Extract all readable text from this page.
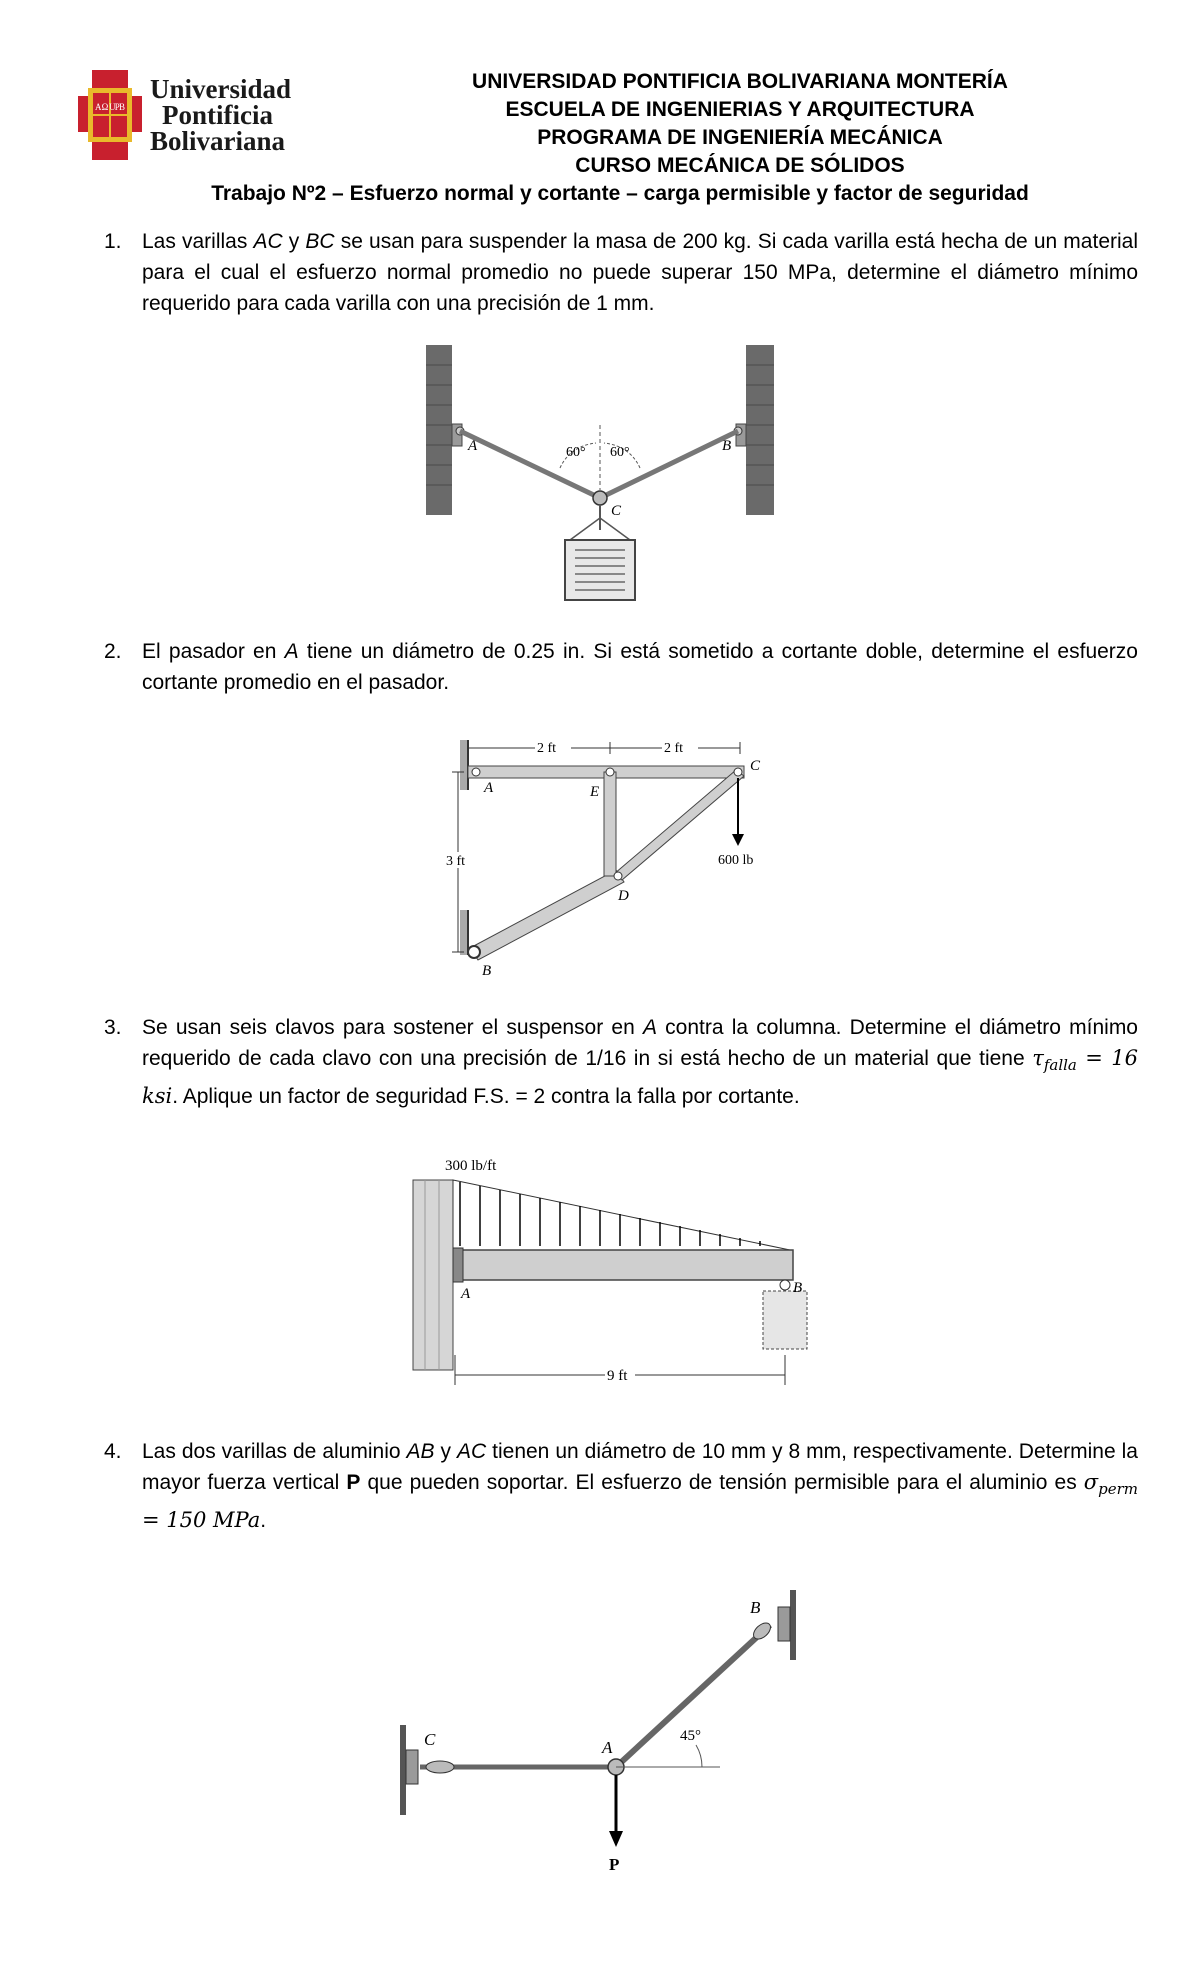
A Ω UPB
Universidad
Pontificia
Bolivariana
UNIVERSIDAD PONTIFICIA BOLIVARIANA MONTERÍA
ESCUELA DE INGENIERIAS Y ARQUITECTURA
PROGRAMA DE INGENIERÍA MECÁNICA
CURSO MECÁNICA DE SÓLIDOS
Trabajo Nº2 – Esfuerzo normal y cortante – carga permisible y factor de seguridad
1. Las varillas AC y BC se usan para suspender la masa de 200 kg. Si cada varilla está hecha de un material para el cual el esfuerzo normal promedio no puede superar 150 MPa, determine el diámetro mínimo requerido para cada varilla con una precisión de 1 mm.
A	B
C
60° 60°
2. El pasador en A tiene un diámetro de 0.25 in. Si está sometido a cortante doble, determine el esfuerzo cortante promedio en el pasador.
2 ft	2 ft
3 ft	600 lb
A	E
C
D
B
3. Se usan seis clavos para sostener el suspensor en A contra la columna. Determine el diámetro mínimo requerido de cada clavo con una precisión de 1/16 in si está hecho de un material que tiene $\tau_{falla} = 16$ ksi. Aplique un factor de seguridad F.S. = 2 contra la falla por cortante.
300 lb/ft
9 ft
A	B
4. Las dos varillas de aluminio AB y AC tienen un diámetro de 10 mm y 8 mm, respectivamente. Determine la mayor fuerza vertical P que pueden soportar. El esfuerzo de tensión permisible para el aluminio es $\sigma_{perm} = 150$ MPa.
45°
P
A
B
C
